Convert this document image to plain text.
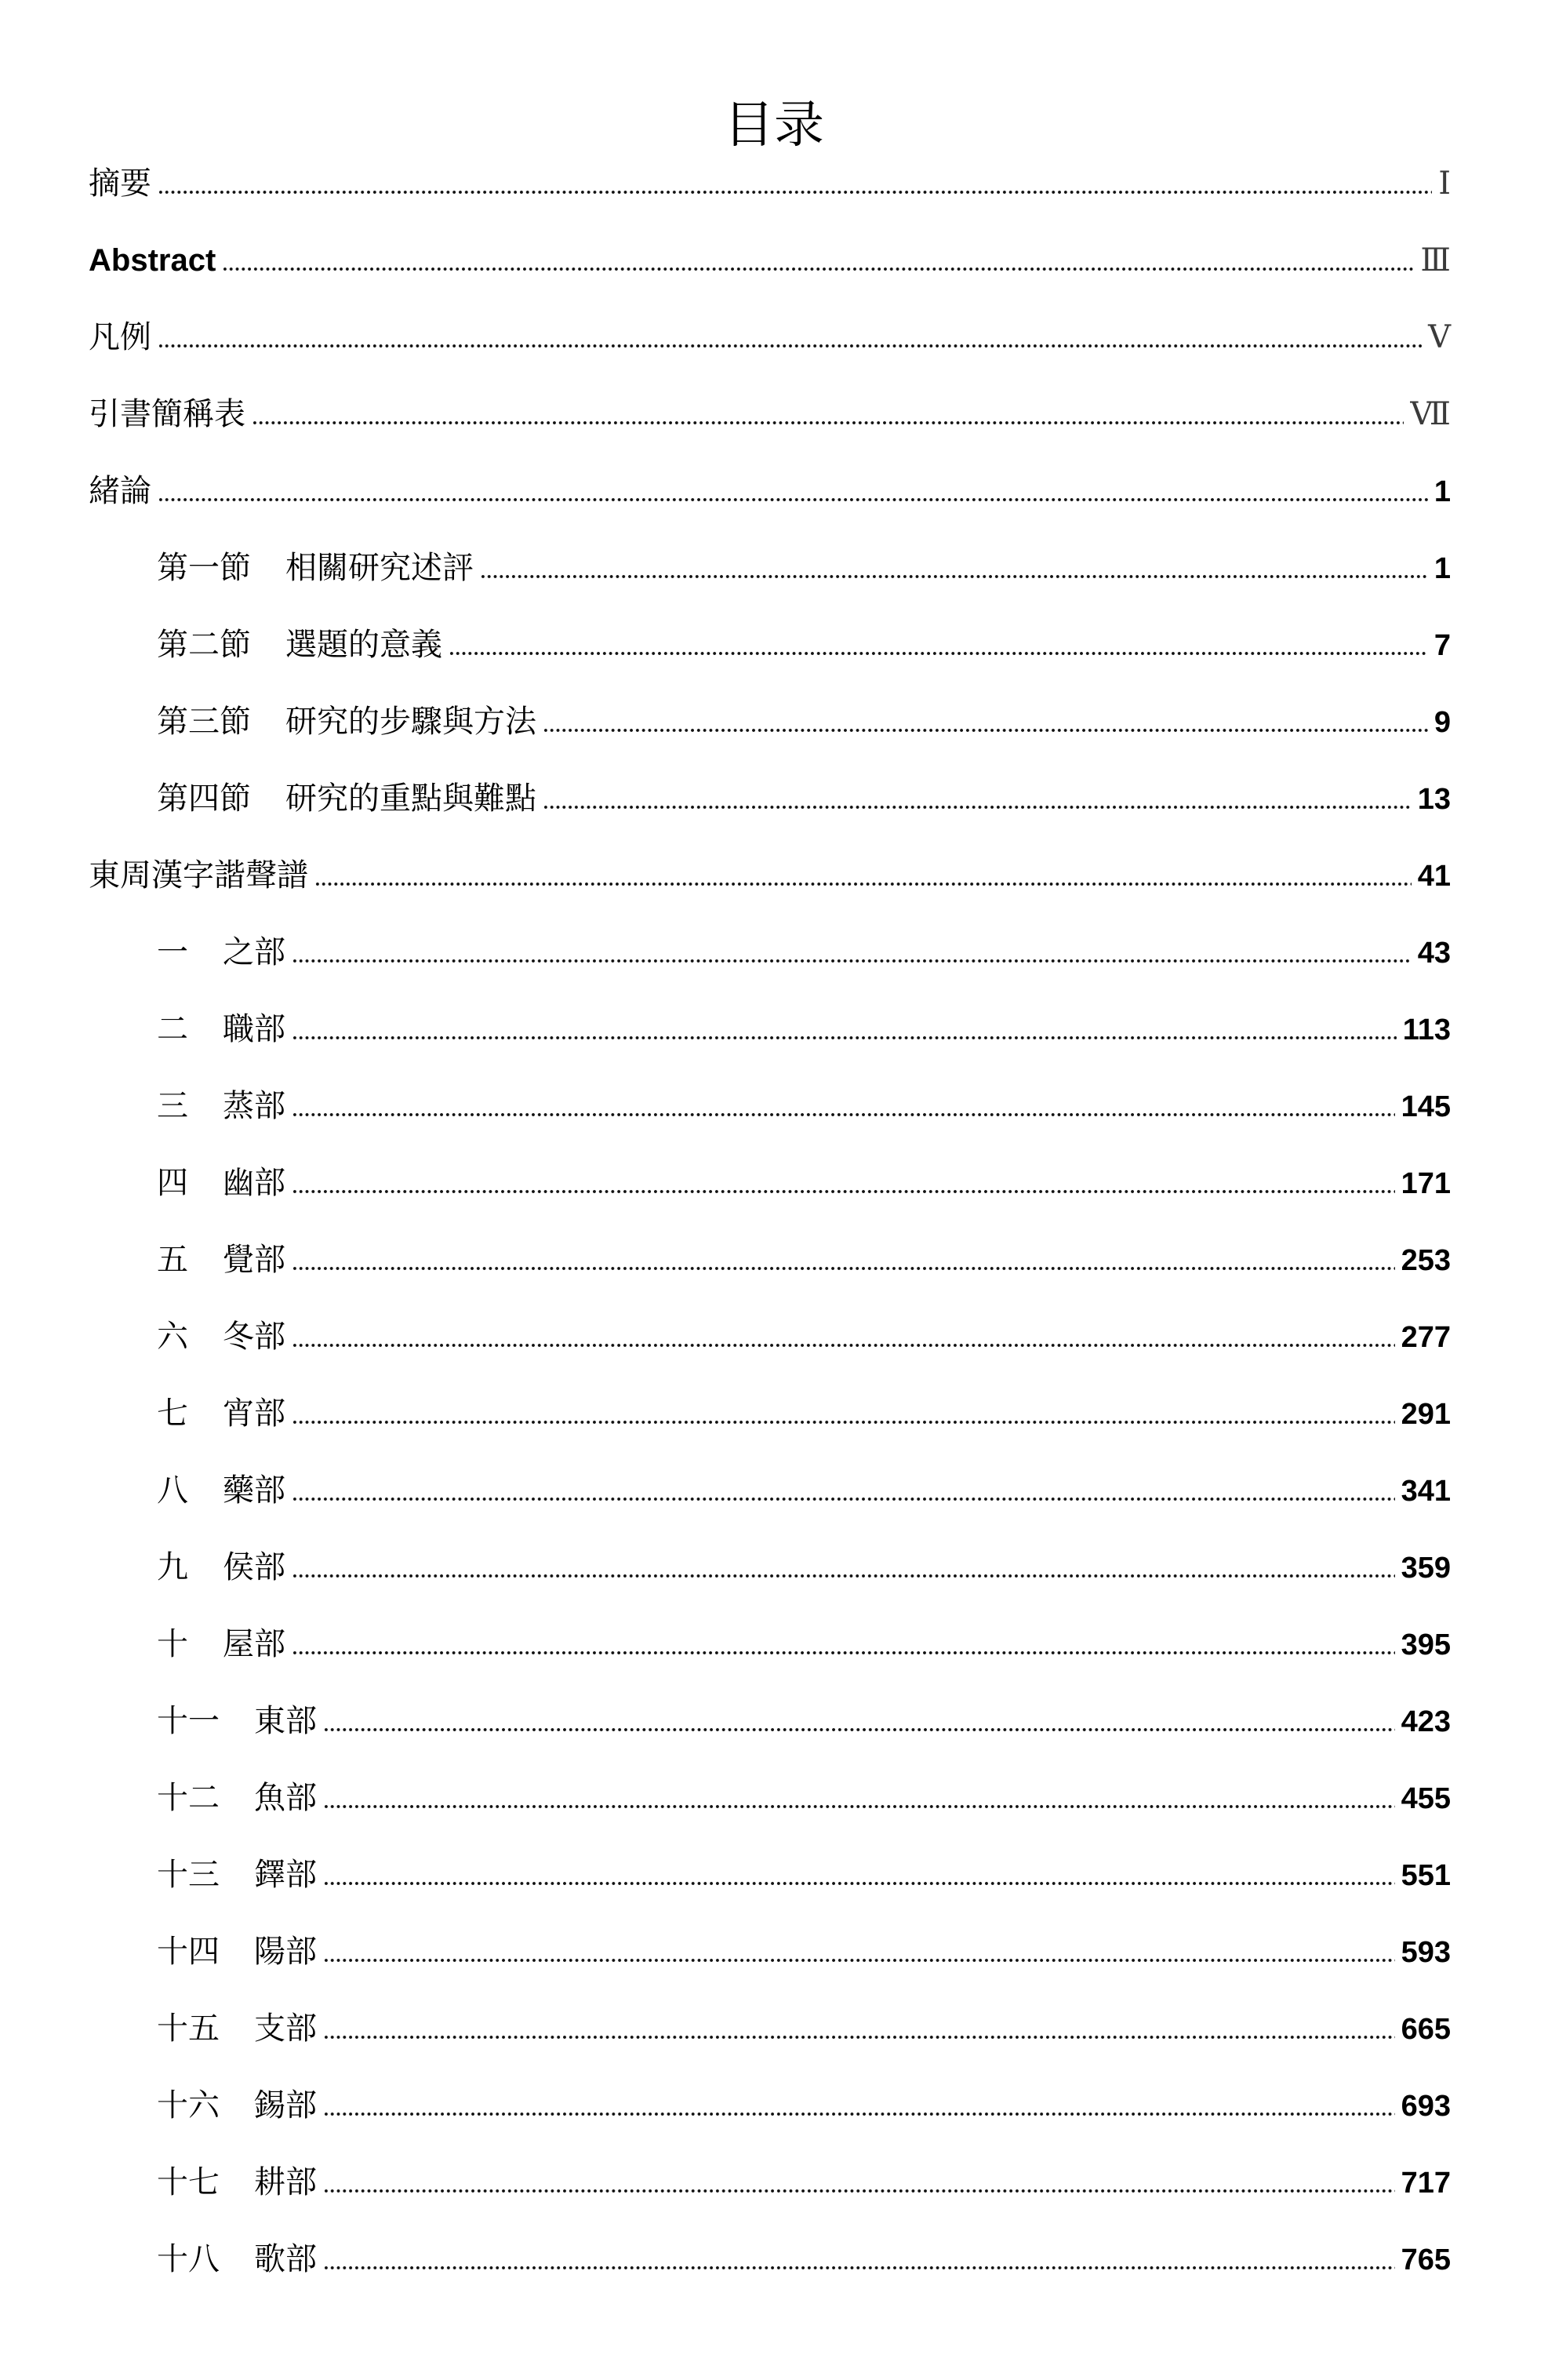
目录
摘要	Ⅰ
Abstract	Ⅲ
凡例	Ⅴ
引書簡稱表	Ⅶ
緒論	1
第一節 相關研究述評	1
第二節 選題的意義	7
第三節 研究的步驟與方法	9
第四節 研究的重點與難點	13
東周漢字諧聲譜	41
一 之部	43
二 職部	113
三 蒸部	145
四 幽部	171
五 覺部	253
六 冬部	277
七 宵部	291
八 藥部	341
九 侯部	359
十 屋部	395
十一 東部	423
十二 魚部	455
十三 鐸部	551
十四 陽部	593
十五 支部	665
十六 錫部	693
十七 耕部	717
十八 歌部	765
